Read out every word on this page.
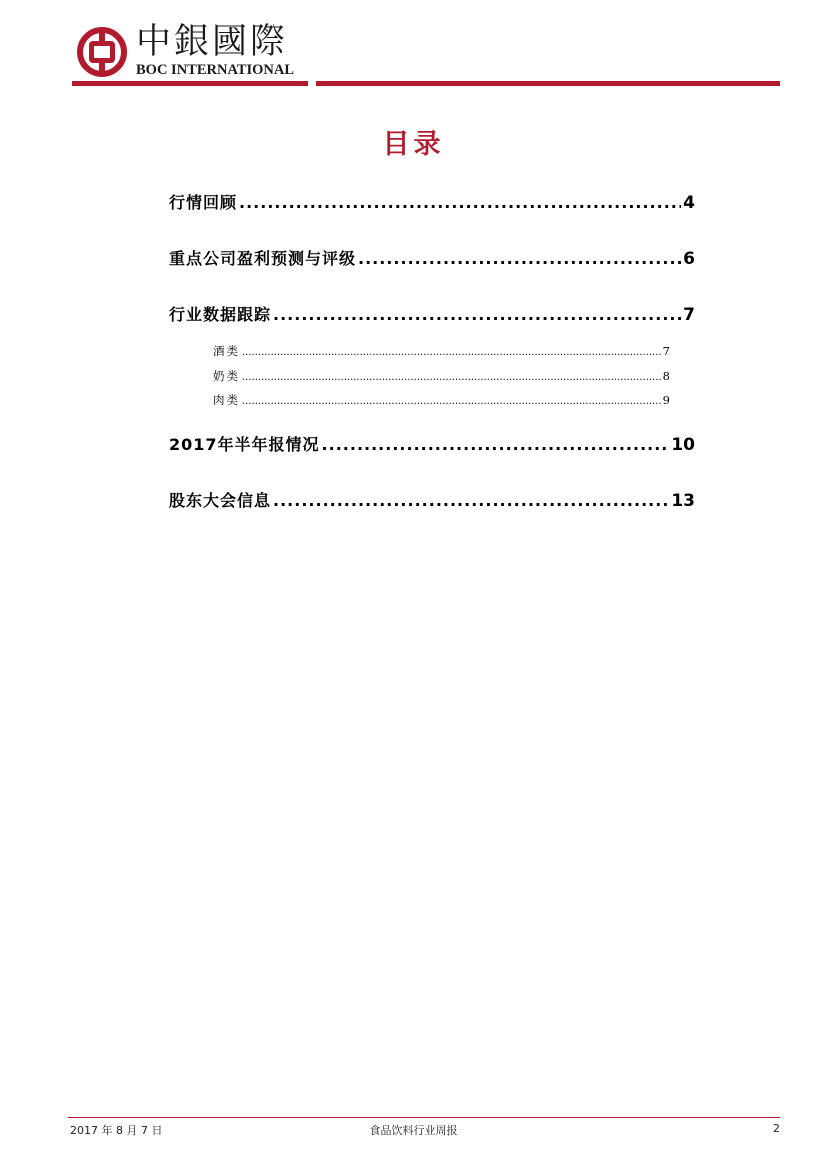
中銀國際
BOC INTERNATIONAL
目录
行情回顾 .....	4
重点公司盈利预测与评级 .....	6
行业数据跟踪 .....	7
酒类 .....	7
奶类 .....	8
肉类 .....	9
2017年半年报情况 .....	10
股东大会信息 .....	13
2017 年 8 月 7 日	食品饮料行业周报	2
